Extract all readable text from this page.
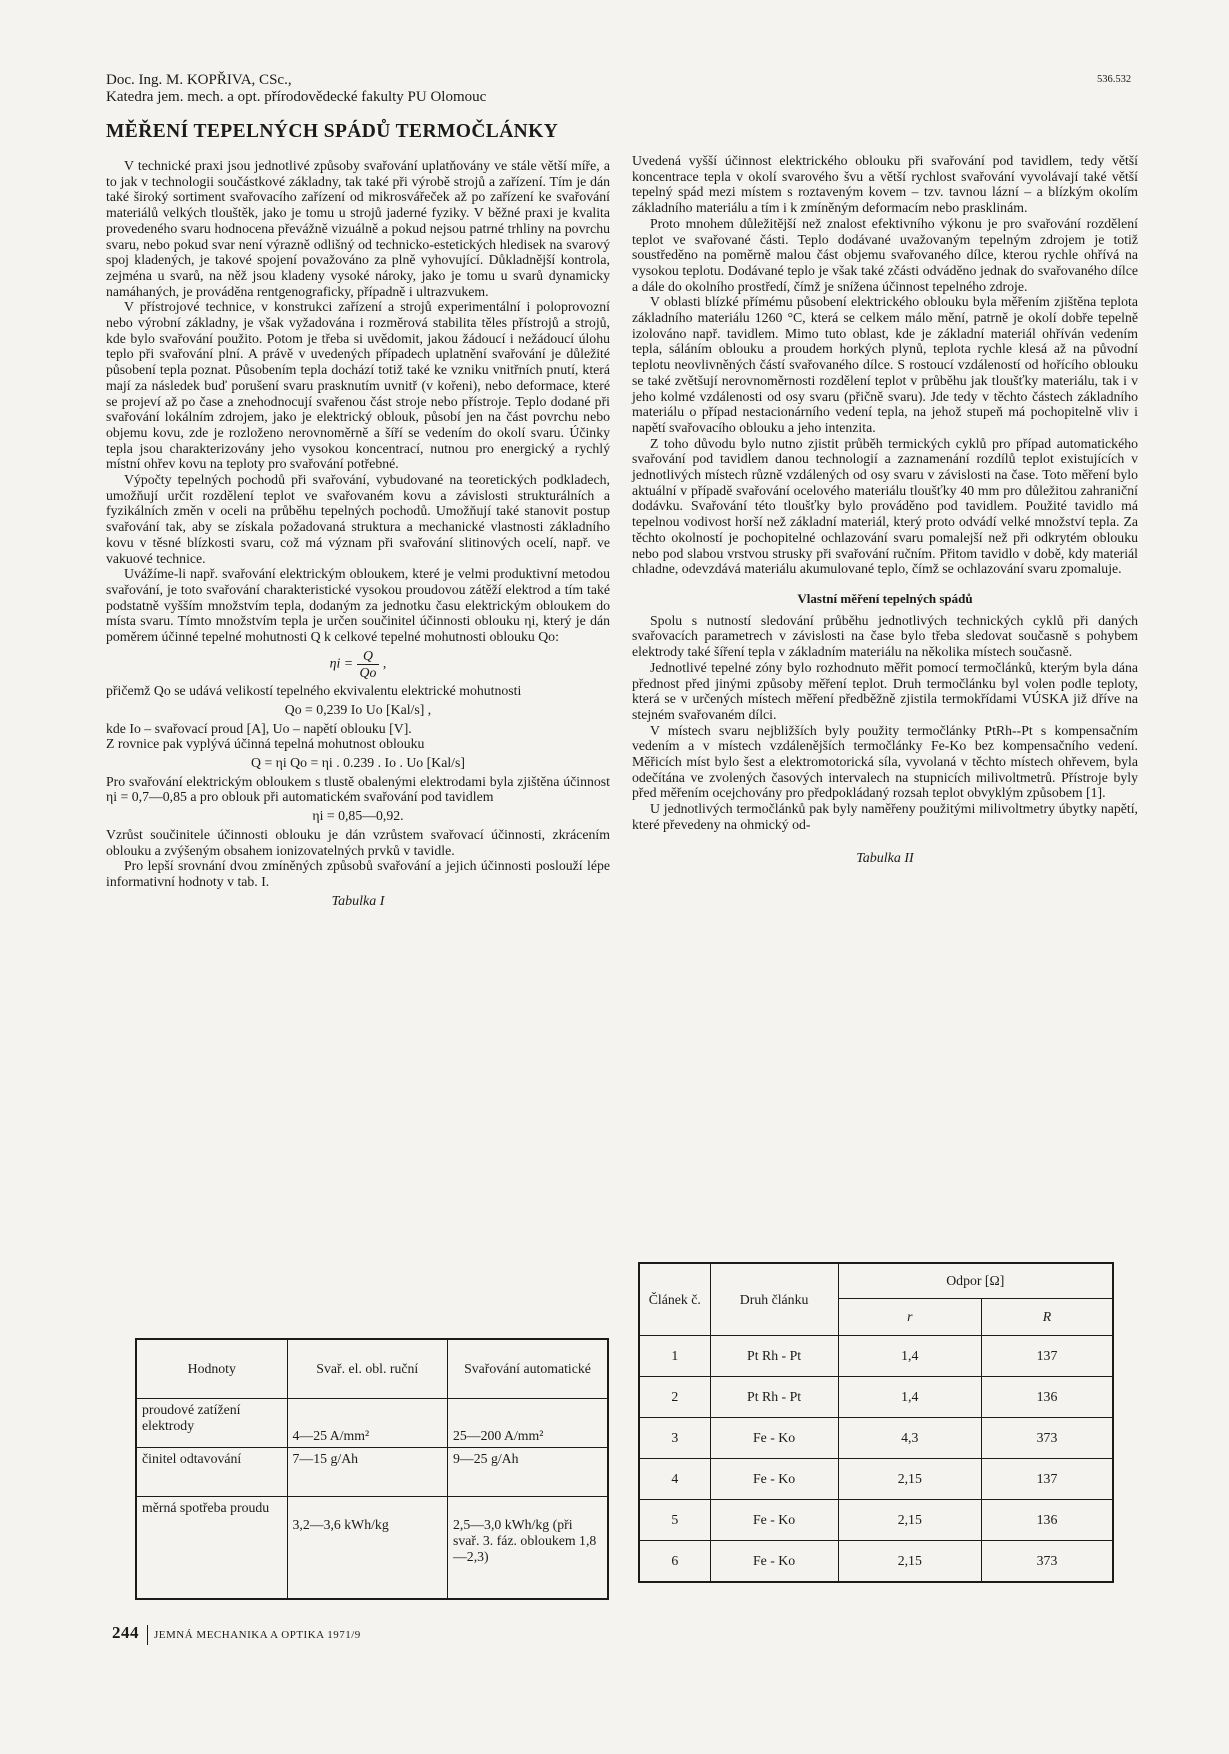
Doc. Ing. M. KOPŘIVA, CSc.,
Katedra jem. mech. a opt. přírodovědecké fakulty PU Olomouc
536.532
MĚŘENÍ TEPELNÝCH SPÁDŮ TERMOČLÁNKY

V technické praxi jsou jednotlivé způsoby svařování uplatňovány ve stále větší míře, a to jak v technologii součástkové základny, tak také při výrobě strojů a zařízení. Tím je dán také široký sortiment svařovacího zařízení od mikrosvářeček až po zařízení ke svařování materiálů velkých tlouštěk, jako je tomu u strojů jaderné fyziky. V běžné praxi je kvalita provedeného svaru hodnocena převážně vizuálně a pokud nejsou patrné trhliny na povrchu svaru, nebo pokud svar není výrazně odlišný od technicko-estetických hledisek na svarový spoj kladených, je takové spojení považováno za plně vyhovující. Důkladnější kontrola, zejména u svarů, na něž jsou kladeny vysoké nároky, jako je tomu u svarů dynamicky namáhaných, je prováděna rentgenograficky, případně i ultrazvukem.

V přístrojové technice, v konstrukci zařízení a strojů experimentální i poloprovozní nebo výrobní základny, je však vyžadována i rozměrová stabilita těles přístrojů a strojů, kde bylo svařování použito. Potom je třeba si uvědomit, jakou žádoucí i nežádoucí úlohu teplo při svařování plní. A právě v uvedených případech uplatnění svařování je důležité působení tepla poznat. Působením tepla dochází totiž také ke vzniku vnitřních pnutí, která mají za následek buď porušení svaru prasknutím uvnitř (v kořeni), nebo deformace, které se projeví až po čase a znehodnocují svařenou část stroje nebo přístroje. Teplo dodané při svařování lokálním zdrojem, jako je elektrický oblouk, působí jen na část povrchu nebo objemu kovu, zde je rozloženo nerovnoměrně a šíří se vedením do okolí svaru. Účinky tepla jsou charakterizovány jeho vysokou koncentrací, nutnou pro energický a rychlý místní ohřev kovu na teploty pro svařování potřebné.

Výpočty tepelných pochodů při svařování, vybudované na teoretických podkladech, umožňují určit rozdělení teplot ve svařovaném kovu a závislosti strukturálních a fyzikálních změn v oceli na průběhu tepelných pochodů. Umožňují také stanovit postup svařování tak, aby se získala požadovaná struktura a mechanické vlastnosti základního kovu v těsné blízkosti svaru, což má význam při svařování slitinových ocelí, např. ve vakuové technice.

Uvážíme-li např. svařování elektrickým obloukem, které je velmi produktivní metodou svařování, je toto svařování charakteristické vysokou proudovou zátěží elektrod a tím také podstatně vyšším množstvím tepla, dodaným za jednotku času elektrickým obloukem do místa svaru. Tímto množstvím tepla je určen součinitel účinnosti oblouku ηi, který je dán poměrem účinné tepelné mohutnosti Q k celkové tepelné mohutnosti oblouku Qo:

$\eta i = \frac{Q}{Qo}$ ,

přičemž Qo se udává velikostí tepelného ekvivalentu elektrické mohutnosti

Qo = 0,239 Io Uo [Kal/s] ,

kde Io – svařovací proud [A], Uo – napětí oblouku [V].

Z rovnice pak vyplývá účinná tepelná mohutnost oblouku

Q = ηi Qo = ηi . 0.239 . Io . Uo [Kal/s]

Pro svařování elektrickým obloukem s tlustě obalenými elektrodami byla zjištěna účinnost ηi = 0,7—0,85 a pro oblouk při automatickém svařování pod tavidlem

ηi = 0,85—0,92.

Vzrůst součinitele účinnosti oblouku je dán vzrůstem svařovací účinnosti, zkrácením oblouku a zvýšeným obsahem ionizovatelných prvků v tavidle.

Pro lepší srovnání dvou zmíněných způsobů svařování a jejich účinnosti poslouží lépe informativní hodnoty v tab. I.

Tabulka I
Hodnoty	Svař. el. obl. ruční	Svařování automatické
proudové zatížení elektrody	4—25 A/mm²	25—200 A/mm²
činitel odtavování	7—15 g/Ah	9—25 g/Ah
měrná spotřeba proudu	3,2—3,6 kWh/kg	2,5—3,0 kWh/kg (při svař. 3. fáz. obloukem 1,8—2,3)

Uvedená vyšší účinnost elektrického oblouku při svařování pod tavidlem, tedy větší koncentrace tepla v okolí svarového švu a větší rychlost svařování vyvolávají také větší tepelný spád mezi místem s roztaveným kovem – tzv. tavnou lázní – a blízkým okolím základního materiálu a tím i k zmíněným deformacím nebo prasklinám.

Proto mnohem důležitější než znalost efektivního výkonu je pro svařování rozdělení teplot ve svařované části. Teplo dodávané uvažovaným tepelným zdrojem je totiž soustředěno na poměrně malou část objemu svařovaného dílce, kterou rychle ohřívá na vysokou teplotu. Dodávané teplo je však také zčásti odváděno jednak do svařovaného dílce a dále do okolního prostředí, čímž je snížena účinnost tepelného zdroje.

V oblasti blízké přímému působení elektrického oblouku byla měřením zjištěna teplota základního materiálu 1260 °C, která se celkem málo mění, patrně je okolí dobře tepelně izolováno např. tavidlem. Mimo tuto oblast, kde je základní materiál ohříván vedením tepla, sáláním oblouku a proudem horkých plynů, teplota rychle klesá až na původní teplotu neovlivněných částí svařovaného dílce. S rostoucí vzdáleností od hořícího oblouku se také zvětšují nerovnoměrnosti rozdělení teplot v průběhu jak tloušťky materiálu, tak i v jeho kolmé vzdálenosti od osy svaru (přičně svaru). Jde tedy v těchto částech základního materiálu o případ nestacionárního vedení tepla, na jehož stupeň má pochopitelně vliv i napětí svařovacího oblouku a jeho intenzita.

Z toho důvodu bylo nutno zjistit průběh termických cyklů pro případ automatického svařování pod tavidlem danou technologií a zaznamenání rozdílů teplot existujících v jednotlivých místech různě vzdálených od osy svaru v závislosti na čase. Toto měření bylo aktuální v případě svařování ocelového materiálu tloušťky 40 mm pro důležitou zahraniční dodávku. Svařování této tloušťky bylo prováděno pod tavidlem. Použité tavidlo má tepelnou vodivost horší než základní materiál, který proto odvádí velké množství tepla. Za těchto okolností je pochopitelné ochlazování svaru pomalejší než při odkrytém oblouku nebo pod slabou vrstvou strusky při svařování ručním. Přitom tavidlo v době, kdy materiál chladne, odevzdává materiálu akumulované teplo, čímž se ochlazování svaru zpomaluje.

Vlastní měření tepelných spádů

Spolu s nutností sledování průběhu jednotlivých technických cyklů při daných svařovacích parametrech v závislosti na čase bylo třeba sledovat současně s pohybem elektrody také šíření tepla v základním materiálu na několika místech současně.

Jednotlivé tepelné zóny bylo rozhodnuto měřit pomocí termočlánků, kterým byla dána přednost před jinými způsoby měření teplot. Druh termočlánku byl volen podle teploty, která se v určených místech měření předběžně zjistila termokřídami VÚSKA již dříve na stejném svařovaném dílci.

V místech svaru nejbližších byly použity termočlánky PtRh--Pt s kompensačním vedením a v místech vzdálenějších termočlánky Fe-Ko bez kompensačního vedení. Měřicích míst bylo šest a elektromotorická síla, vyvolaná v těchto místech ohřevem, byla odečítána ve zvolených časových intervalech na stupnicích milivoltmetrů. Přístroje byly před měřením ocejchovány pro předpokládaný rozsah teplot obvyklým způsobem [1].

U jednotlivých termočlánků pak byly naměřeny použitými milivoltmetry úbytky napětí, které převedeny na ohmický od-

Tabulka II
Článek č.	Druh článku	Odpor [Ω]	
		r	R
1	Pt Rh - Pt	1,4	137
2	Pt Rh - Pt	1,4	136
3	Fe - Ko	4,3	373
4	Fe - Ko	2,15	137
5	Fe - Ko	2,15	136
6	Fe - Ko	2,15	373
244 JEMNÁ MECHANIKA A OPTIKA 1971/9
